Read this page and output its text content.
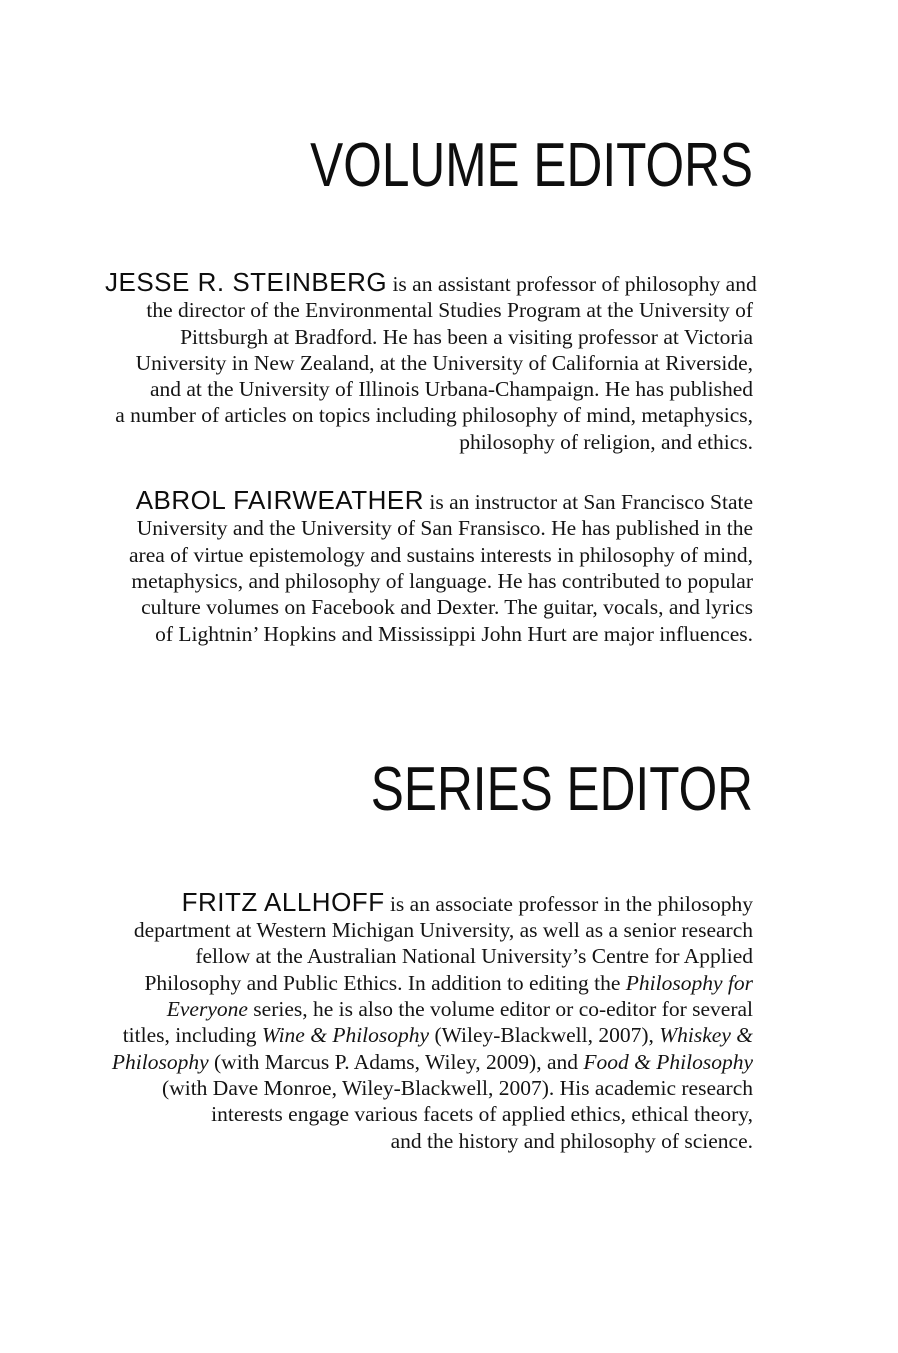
VOLUME EDITORS

JESSE R. STEINBERG is an assistant professor of philosophy and
the director of the Environmental Studies Program at the University of
Pittsburgh at Bradford. He has been a visiting professor at Victoria
University in New Zealand, at the University of California at Riverside,
and at the University of Illinois Urbana-Champaign. He has published
a number of articles on topics including philosophy of mind, metaphysics,
philosophy of religion, and ethics.

ABROL FAIRWEATHER is an instructor at San Francisco State
University and the University of San Fransisco. He has published in the
area of virtue epistemology and sustains interests in philosophy of mind,
metaphysics, and philosophy of language. He has contributed to popular
culture volumes on Facebook and Dexter. The guitar, vocals, and lyrics
of Lightnin’ Hopkins and Mississippi John Hurt are major influences.

SERIES EDITOR

FRITZ ALLHOFF is an associate professor in the philosophy
department at Western Michigan University, as well as a senior research
fellow at the Australian National University’s Centre for Applied
Philosophy and Public Ethics. In addition to editing the Philosophy for
Everyone series, he is also the volume editor or co-editor for several
titles, including Wine & Philosophy (Wiley-Blackwell, 2007), Whiskey &
Philosophy (with Marcus P. Adams, Wiley, 2009), and Food & Philosophy
(with Dave Monroe, Wiley-Blackwell, 2007). His academic research
interests engage various facets of applied ethics, ethical theory,
and the history and philosophy of science.
